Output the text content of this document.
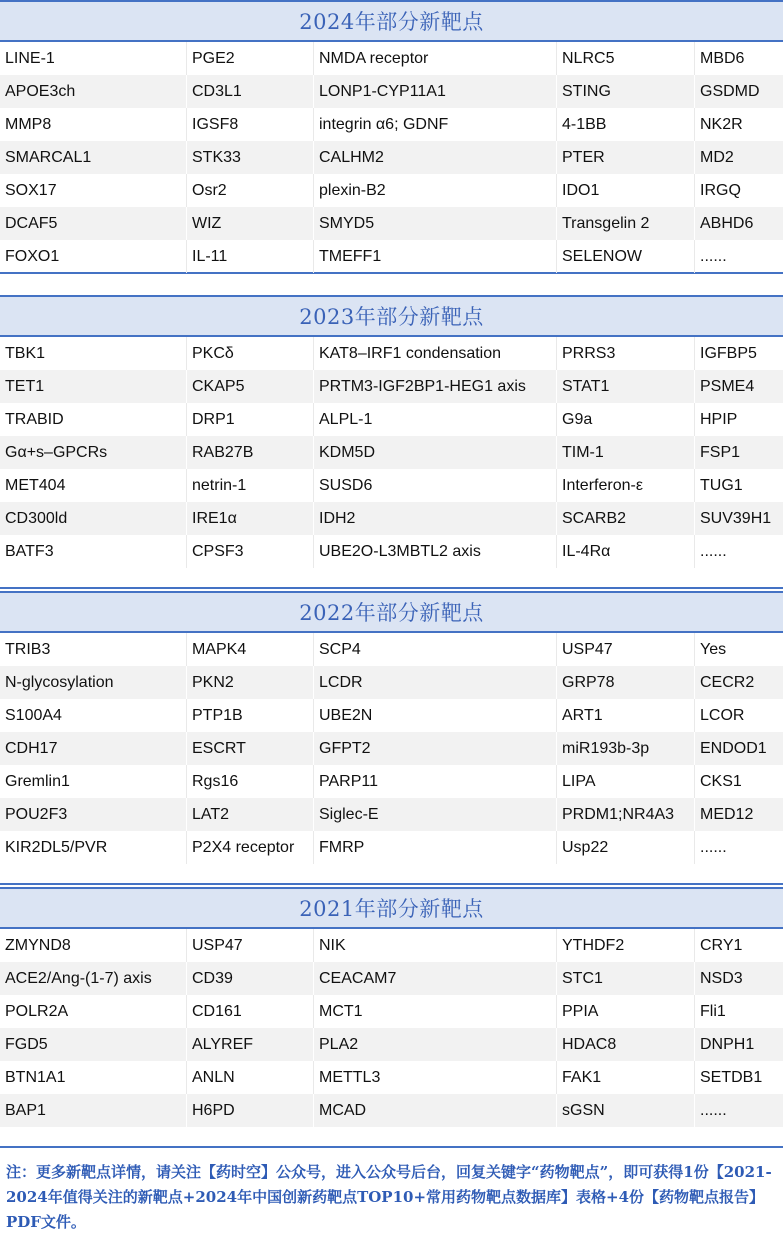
2024年部分新靶点
LINE-1	PGE2	NMDA receptor	NLRC5	MBD6
APOE3ch	CD3L1	LONP1-CYP11A1	STING	GSDMD
MMP8	IGSF8	integrin α6; GDNF	4-1BB	NK2R
SMARCAL1	STK33	CALHM2	PTER	MD2
SOX17	Osr2	plexin-B2	IDO1	IRGQ
DCAF5	WIZ	SMYD5	Transgelin 2	ABHD6
FOXO1	IL-11	TMEFF1	SELENOW	......
2023年部分新靶点
TBK1	PKCδ	KAT8–IRF1 condensation	PRRS3	IGFBP5
TET1	CKAP5	PRTM3-IGF2BP1-HEG1 axis	STAT1	PSME4
TRABID	DRP1	ALPL-1	G9a	HPIP
Gα+s–GPCRs	RAB27B	KDM5D	TIM-1	FSP1
MET404	netrin-1	SUSD6	Interferon-ε	TUG1
CD300ld	IRE1α	IDH2	SCARB2	SUV39H1
BATF3	CPSF3	UBE2O-L3MBTL2 axis	IL-4Rα	......
2022年部分新靶点
TRIB3	MAPK4	SCP4	USP47	Yes
N-glycosylation	PKN2	LCDR	GRP78	CECR2
S100A4	PTP1B	UBE2N	ART1	LCOR
CDH17	ESCRT	GFPT2	miR193b-3p	ENDOD1
Gremlin1	Rgs16	PARP11	LIPA	CKS1
POU2F3	LAT2	Siglec-E	PRDM1;NR4A3	MED12
KIR2DL5/PVR	P2X4 receptor	FMRP	Usp22	......
2021年部分新靶点
ZMYND8	USP47	NIK	YTHDF2	CRY1
ACE2/Ang-(1-7) axis	CD39	CEACAM7	STC1	NSD3
POLR2A	CD161	MCT1	PPIA	Fli1
FGD5	ALYREF	PLA2	HDAC8	DNPH1
BTN1A1	ANLN	METTL3	FAK1	SETDB1
BAP1	H6PD	MCAD	sGSN	......
注：更多新靶点详情，请关注【药时空】公众号，进入公众号后台，回复关键字“药物靶点”，即可获得1份【2021-2024年值得关注的新靶点+2024年中国创新药靶点TOP10+常用药物靶点数据库】表格+4份【药物靶点报告】PDF文件。
